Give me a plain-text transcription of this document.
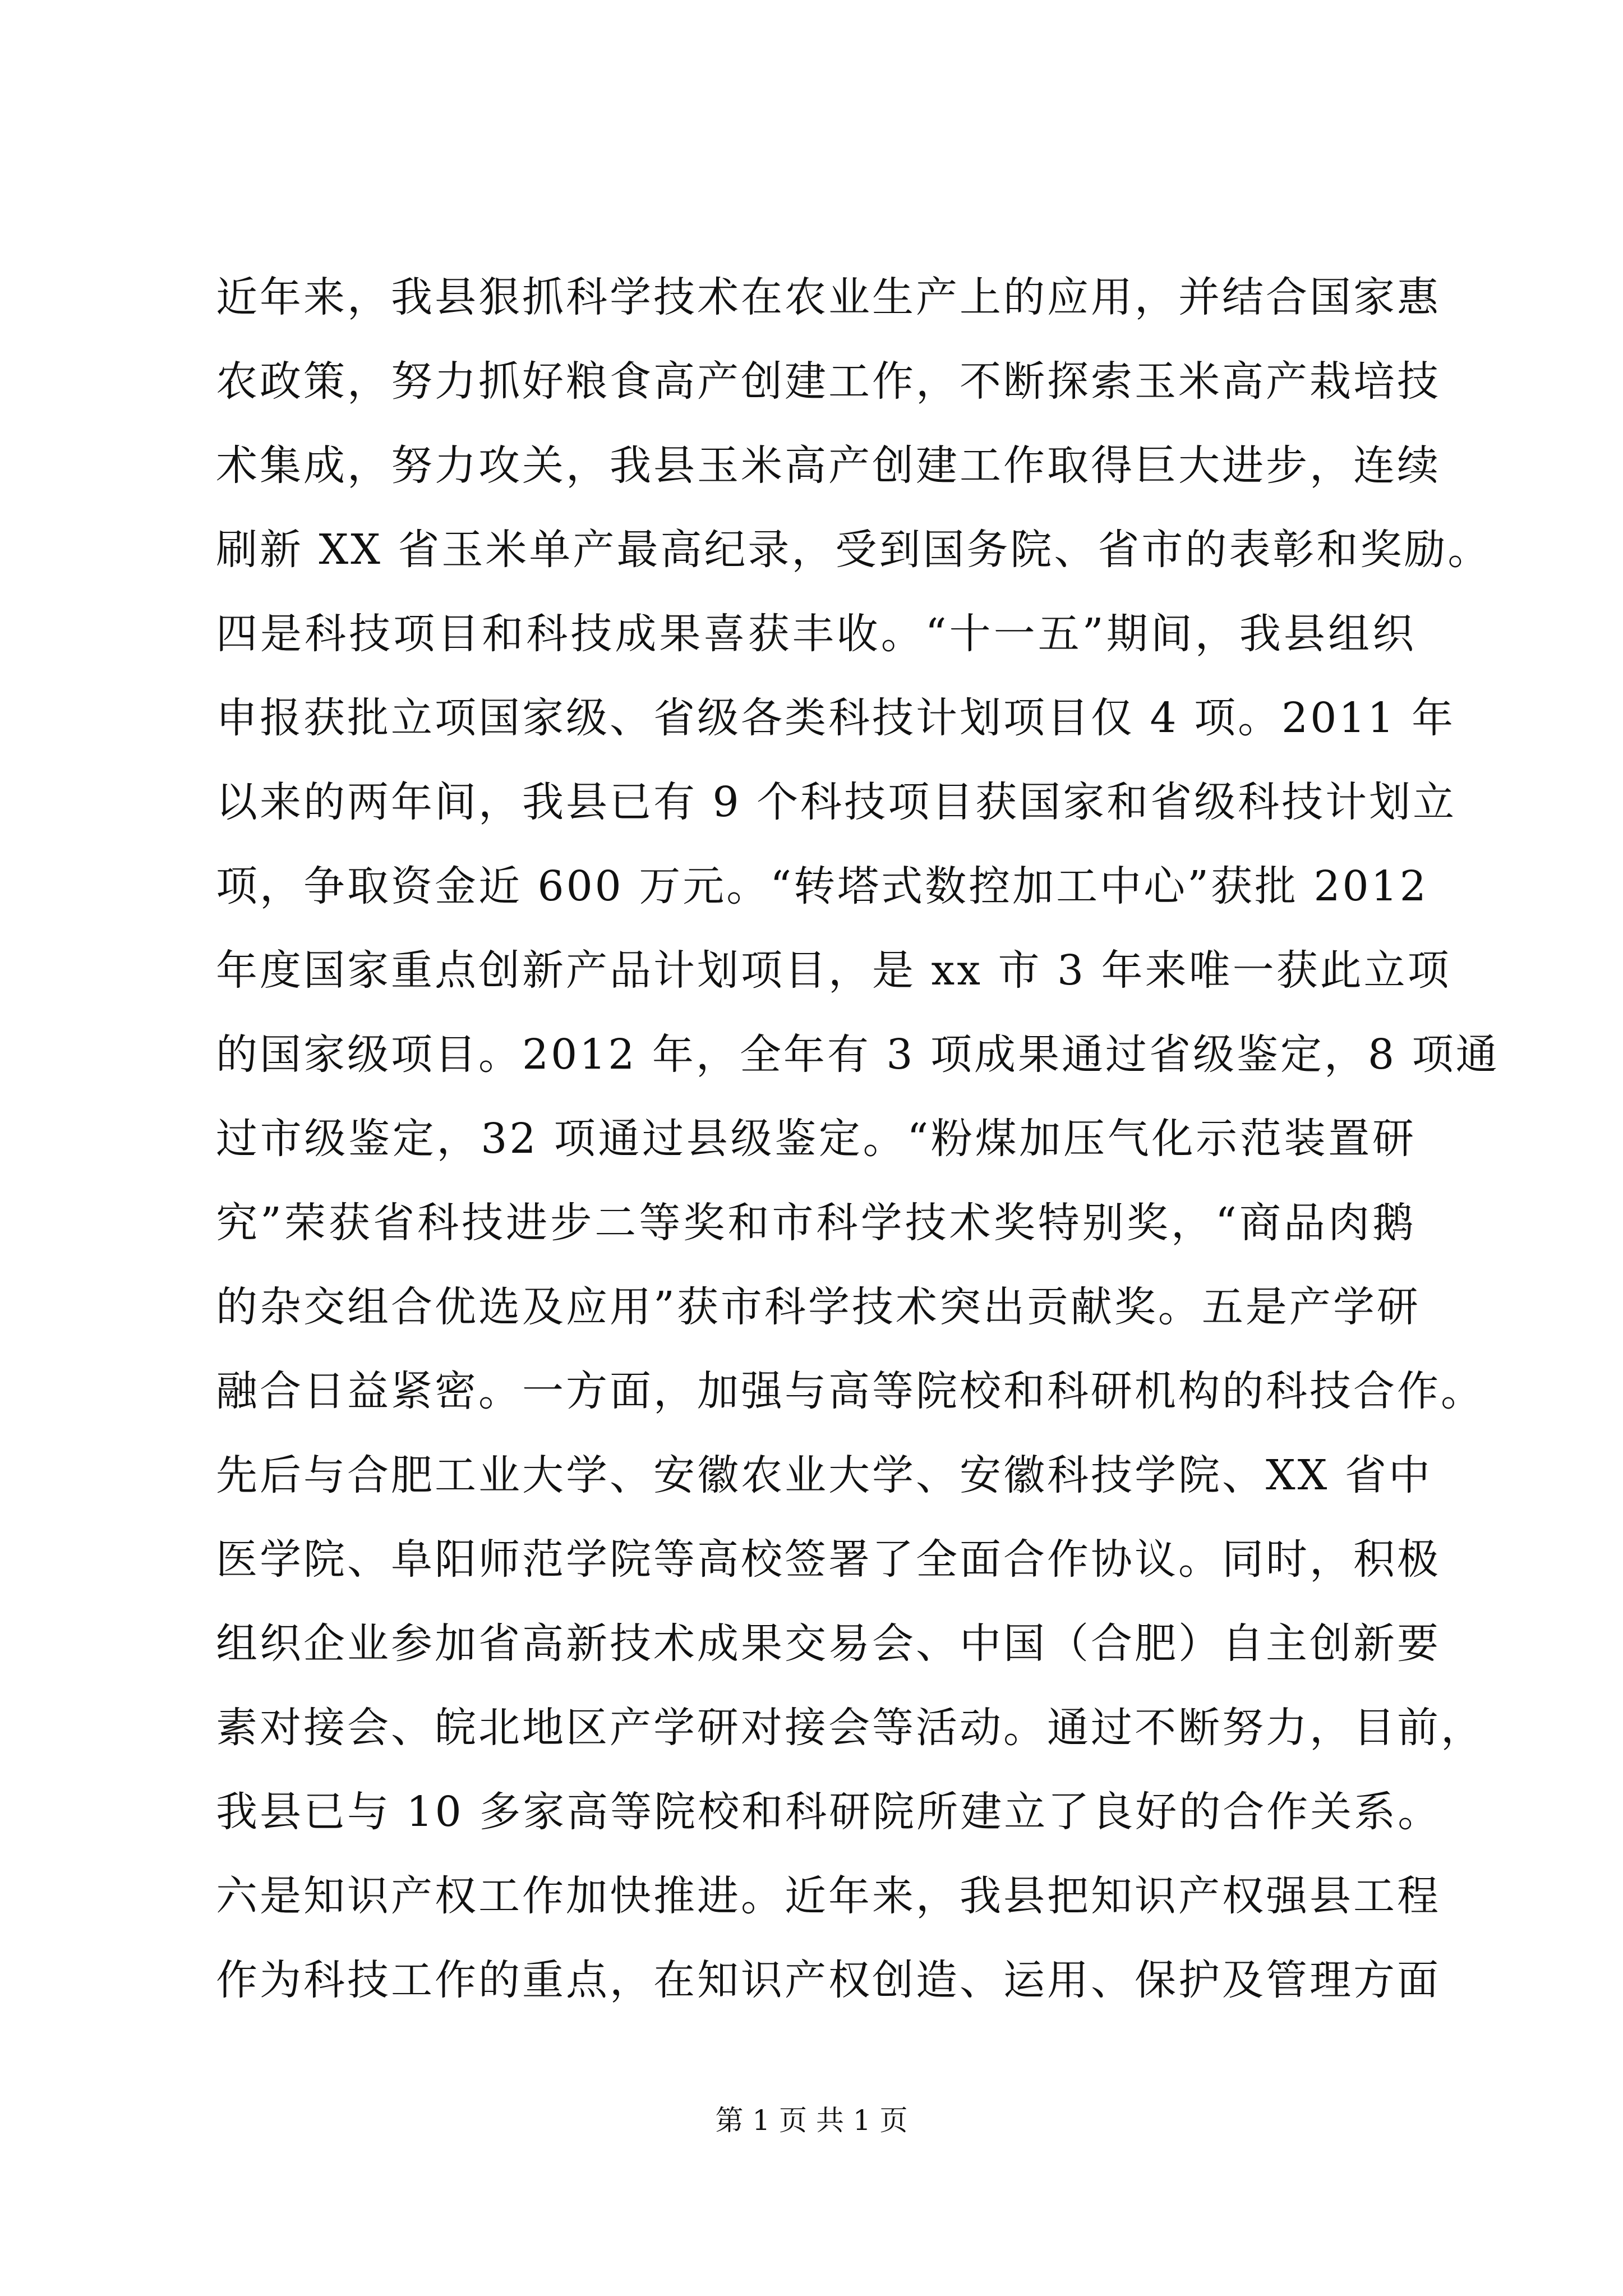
近年来，我县狠抓科学技术在农业生产上的应用，并结合国家惠
农政策，努力抓好粮食高产创建工作，不断探索玉米高产栽培技
术集成，努力攻关，我县玉米高产创建工作取得巨大进步，连续
刷新 XX 省玉米单产最高纪录，受到国务院、省市的表彰和奖励。
四是科技项目和科技成果喜获丰收。“十一五”期间，我县组织
申报获批立项国家级、省级各类科技计划项目仅 4 项。2011 年
以来的两年间，我县已有 9 个科技项目获国家和省级科技计划立
项，争取资金近 600 万元。“转塔式数控加工中心”获批 2012
年度国家重点创新产品计划项目，是 xx 市 3 年来唯一获此立项
的国家级项目。2012 年，全年有 3 项成果通过省级鉴定，8 项通
过市级鉴定，32 项通过县级鉴定。“粉煤加压气化示范装置研
究”荣获省科技进步二等奖和市科学技术奖特别奖，“商品肉鹅
的杂交组合优选及应用”获市科学技术突出贡献奖。五是产学研
融合日益紧密。一方面，加强与高等院校和科研机构的科技合作。
先后与合肥工业大学、安徽农业大学、安徽科技学院、XX 省中
医学院、阜阳师范学院等高校签署了全面合作协议。同时，积极
组织企业参加省高新技术成果交易会、中国（合肥）自主创新要
素对接会、皖北地区产学研对接会等活动。通过不断努力，目前，
我县已与 10 多家高等院校和科研院所建立了良好的合作关系。
六是知识产权工作加快推进。近年来，我县把知识产权强县工程
作为科技工作的重点，在知识产权创造、运用、保护及管理方面
第 1 页 共 1 页
